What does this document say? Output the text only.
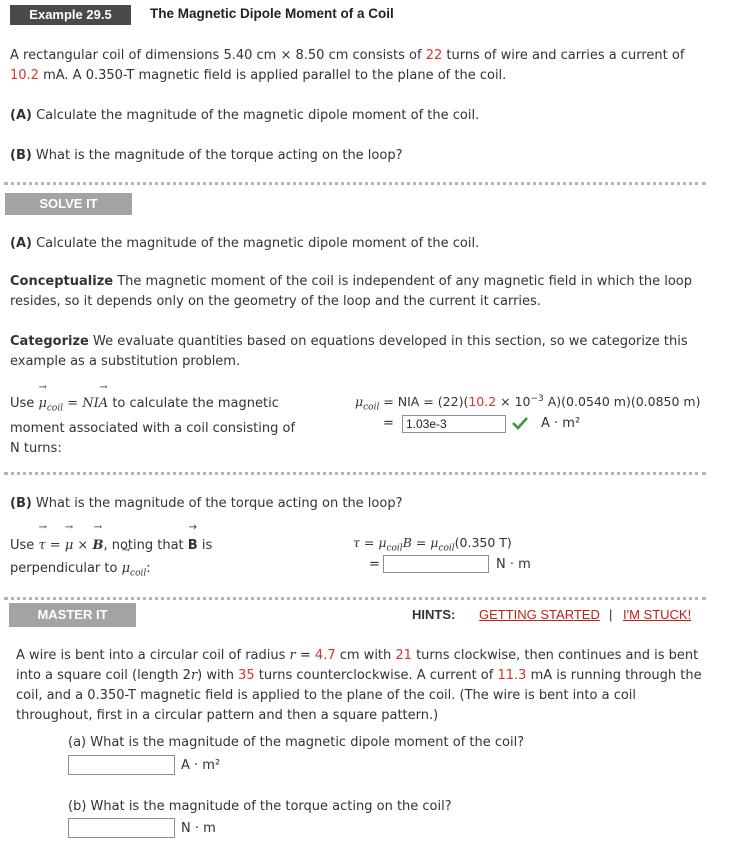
Example 29.5	The Magnetic Dipole Moment of a Coil
A rectangular coil of dimensions 5.40 cm × 8.50 cm consists of 22 turns of wire and carries a current of
10.2 mA. A 0.350-T magnetic field is applied parallel to the plane of the coil.
(A) Calculate the magnitude of the magnetic dipole moment of the coil.
(B) What is the magnitude of the torque acting on the loop?
SOLVE IT
(A) Calculate the magnitude of the magnetic dipole moment of the coil.
Conceptualize The magnetic moment of the coil is independent of any magnetic field in which the loop
resides, so it depends only on the geometry of the loop and the current it carries.
Categorize We evaluate quantities based on equations developed in this section, so we categorize this
example as a substitution problem.
Use → $\mu_{coil} = NI\to A$ to calculate the magnetic
moment associated with a coil consisting of
N turns:
$\mu_{coil}$ = NIA = $(22)(10.2 \times 10^{-3}$ A)(0.0540 m)(0.0850 m)
=	1.03e-3	A · m²
(B) What is the magnitude of the torque acting on the loop?
Use → τ = → μ × → B, noting that → B is
perpendicular to → $\mu_{coil}$:
$\tau = \mu_{coil}B = \mu_{coil}(0.350$ T)
=	N · m
MASTER IT	HINTS: GETTING STARTED | I'M STUCK!
A wire is bent into a circular coil of radius r = 4.7 cm with 21 turns clockwise, then continues and is bent
into a square coil (length 2r) with 35 turns counterclockwise. A current of 11.3 mA is running through the
coil, and a 0.350-T magnetic field is applied to the plane of the coil. (The wire is bent into a coil
throughout, first in a circular pattern and then a square pattern.)
(a) What is the magnitude of the magnetic dipole moment of the coil?
A · m²
(b) What is the magnitude of the torque acting on the coil?
N · m
